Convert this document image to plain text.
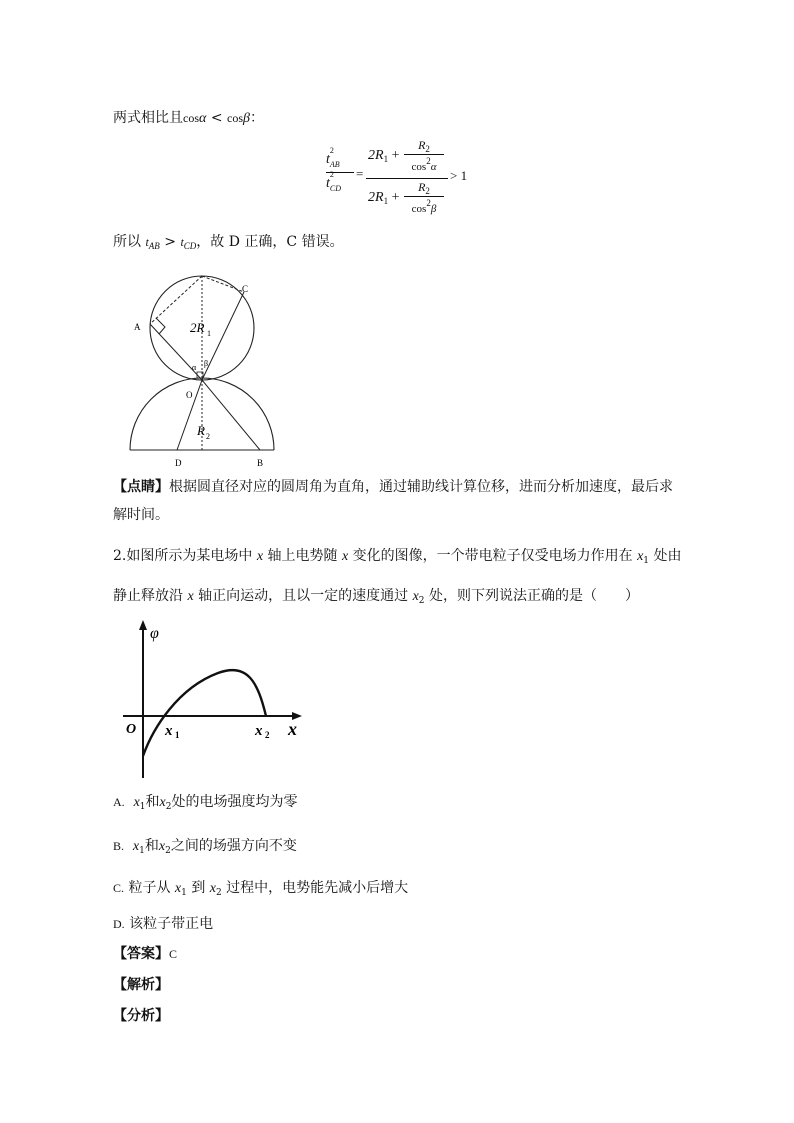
两式相比且cosα < cosβ：
t
2
$_{AB}$
t
2
$_{CD}$
=
$2R_1$ +
$R_2$
$\cos^2\alpha$
> 1
$2R_1$ +
$R_2$
$\cos^2\beta$
所以 $t_{AB} > t_{CD}$，故 D 正确，C 错误。
A
C
O
D	B
α β
2R 1
R 2
【点睛】根据圆直径对应的圆周角为直角，通过辅助线计算位移，进而分析加速度，最后求
解时间。
2.如图所示为某电场中 x 轴上电势随 x 变化的图像，一个带电粒子仅受电场力作用在 $x_1$ 处由
静止释放沿 x 轴正向运动，且以一定的速度通过 $x_2$ 处，则下列说法正确的是（　　）
φ
O x 1	x 2 x
A. $x_1$和$x_2$处的电场强度均为零
B. $x_1$和$x_2$之间的场强方向不变
C. 粒子从 $x_1$ 到 $x_2$ 过程中，电势能先减小后增大
D. 该粒子带正电
【答案】C
【解析】
【分析】
